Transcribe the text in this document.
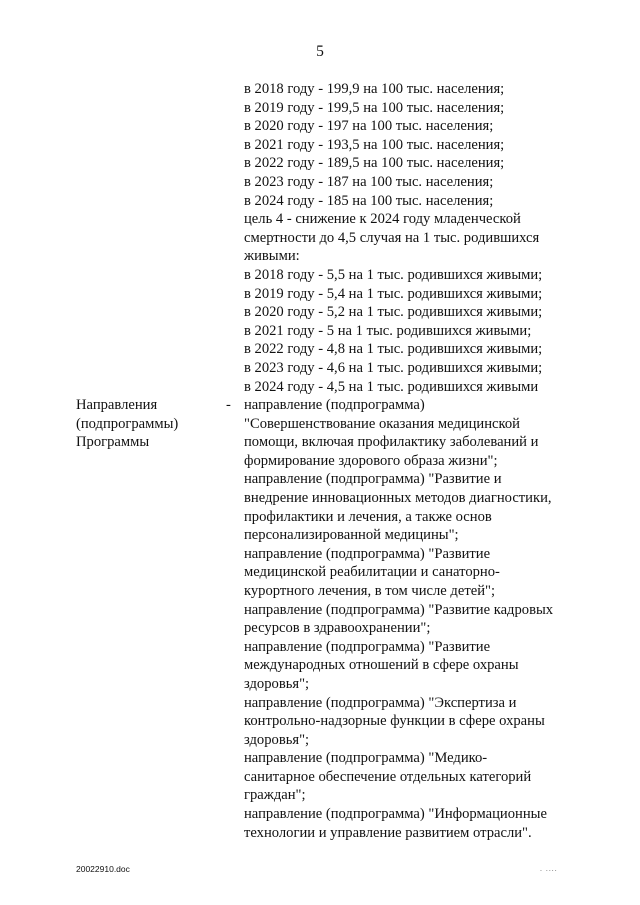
5
в 2018 году - 199,9 на 100 тыс. населения;
в 2019 году - 199,5 на 100 тыс. населения;
в 2020 году - 197 на 100 тыс. населения;
в 2021 году - 193,5 на 100 тыс. населения;
в 2022 году - 189,5 на 100 тыс. населения;
в 2023 году - 187 на 100 тыс. населения;
в 2024 году - 185 на 100 тыс. населения;
цель 4 - снижение к 2024 году младенческой
смертности до 4,5 случая на 1 тыс. родившихся
живыми:
в 2018 году - 5,5 на 1 тыс. родившихся живыми;
в 2019 году - 5,4 на 1 тыс. родившихся живыми;
в 2020 году - 5,2 на 1 тыс. родившихся живыми;
в 2021 году - 5 на 1 тыс. родившихся живыми;
в 2022 году - 4,8 на 1 тыс. родившихся живыми;
в 2023 году - 4,6 на 1 тыс. родившихся живыми;
в 2024 году - 4,5 на 1 тыс. родившихся живыми
Направления
(подпрограммы)
Программы
- направление (подпрограмма)
"Совершенствование оказания медицинской
помощи, включая профилактику заболеваний и
формирование здорового образа жизни";
направление (подпрограмма) "Развитие и
внедрение инновационных методов диагностики,
профилактики и лечения, а также основ
персонализированной медицины";
направление (подпрограмма) "Развитие
медицинской реабилитации и санаторно-
курортного лечения, в том числе детей";
направление (подпрограмма) "Развитие кадровых
ресурсов в здравоохранении";
направление (подпрограмма) "Развитие
международных отношений в сфере охраны
здоровья";
направление (подпрограмма) "Экспертиза и
контрольно-надзорные функции в сфере охраны
здоровья";
направление (подпрограмма) "Медико-
санитарное обеспечение отдельных категорий
граждан";
направление (подпрограмма) "Информационные
технологии и управление развитием отрасли".
20022910.doc	. ....
